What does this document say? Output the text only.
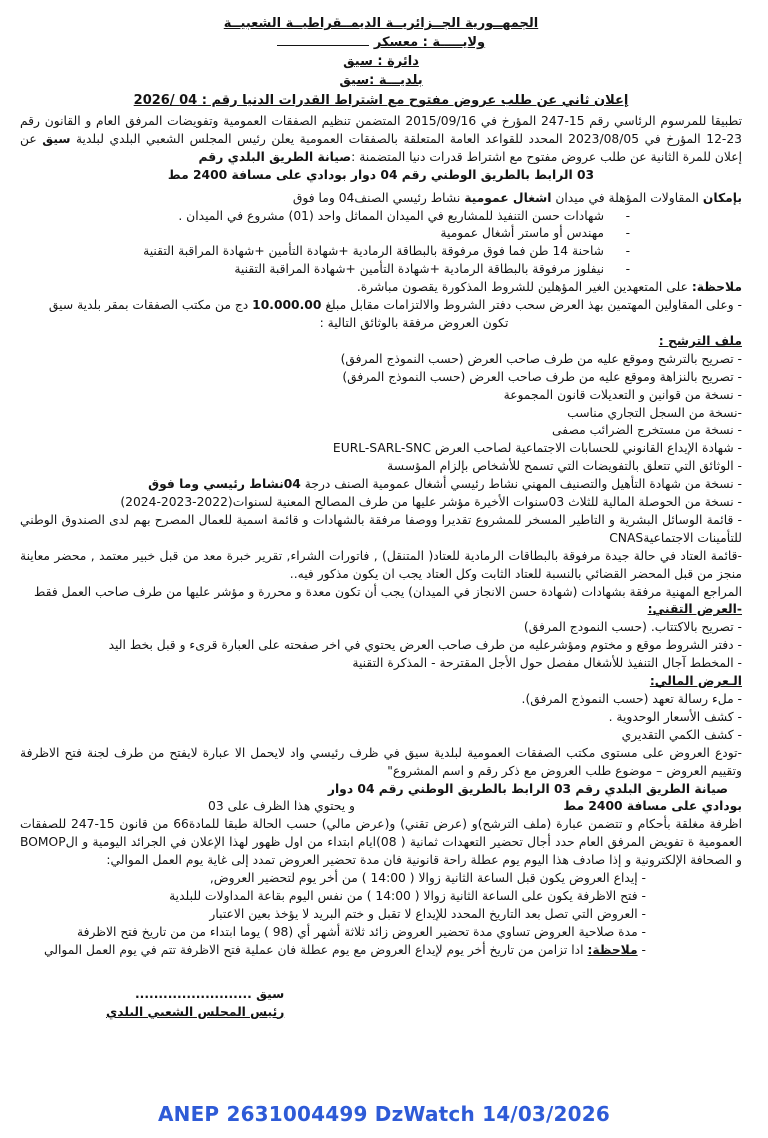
الجمهــورية الجــزائريــة الديمــقراطيــة الشعبيــة
ولايـــــة : معسكر
دائرة : سيق
بلديـــة :سيق
إعلان ثاني عن طلب عروض مفتوح مع اشتراط القدرات الدنيا رقم : 04 /2026

تطبيقا للمرسوم الرئاسي رقم 15-247 المؤرخ في 2015/09/16 المتضمن تنظيم الصفقات العمومية وتفويضات المرفق العام و القانون رقم 23-12 المؤرخ في 2023/08/05 المحدد للقواعد العامة المتعلقة بالصفقات العمومية يعلن رئيس المجلس الشعبي البلدي لبلدية سيق عن إعلان للمرة الثانية عن طلب عروض مفتوح مع اشتراط قدرات دنيا المتضمنة :صيانة الطريق البلدي رقم

03 الرابط بالطريق الوطني رقم 04 دوار بودادي على مسافة 2400 مط
بإمكان المقاولات المؤهلة في ميدان اشغال عمومية نشاط رئيسي الصنف04 وما فوق
-
شهادات حسن التنفيذ للمشاريع في الميدان المماثل واحد (01) مشروع في الميدان .
-
مهندس أو ماستر أشغال عمومية
-
شاحنة 14 طن فما فوق مرفوقة بالبطاقة الرمادية +شهادة التأمين +شهادة المراقبة التقنية
-
نيفلوز مرفوقة بالبطاقة الرمادية +شهادة التأمين +شهادة المراقبة التقنية
ملاحظة: على المتعهدين الغير المؤهلين للشروط المذكورة يقصون مباشرة.
- وعلى المقاولين المهتمين بهذ العرض سحب دفتر الشروط والالتزامات مقابل مبلغ 10.000.00 دج من مكتب الصفقات بمقر بلدية سيق
تكون العروض مرفقة بالوثائق التالية :
ملف الترشح :
- تصريح بالترشح وموقع عليه من طرف صاحب العرض (حسب النموذج المرفق)
- تصريح بالنزاهة وموقع عليه من طرف صاحب العرض (حسب النموذج المرفق)
- نسخة من قوانين و التعديلات قانون المجموعة
-نسخة من السجل التجاري مناسب
- نسخة من مستخرج الضرائب مصفى
- شهادة الإيداع القانوني للحسابات الاجتماعية لصاحب العرض EURL-SARL-SNC
- الوثائق التي تتعلق بالتفويضات التي تسمح للأشخاص بإلزام المؤسسة
- نسخة من شهادة التأهيل والتصنيف المهني نشاط رئيسي أشغال عمومية الصنف درجة 04نشاط رئيسي وما فوق
- نسخة من الحوصلة المالية للثلاث 03سنوات الأخيرة مؤشر عليها من طرف المصالح المعنية لسنوات(2022-2023-2024)
- قائمة الوسائل البشرية و التاطير المسخر للمشروع تقديرا ووصفا مرفقة بالشهادات و قائمة اسمية للعمال المصرح بهم لدى الصندوق الوطني للتأمينات الاجتماعيةCNAS
-قائمة العتاد في حالة جيدة مرفوقة بالبطاقات الرمادية للعتاد( المتنقل) , فاتورات الشراء, تقرير خبرة معد من قبل خبير معتمد , محضر معاينة منجز من قبل المحضر القضائي بالنسبة للعتاد الثابت وكل العتاد يجب ان يكون مذكور فيه..
المراجع المهنية مرفقة بشهادات (شهادة حسن الانجاز في الميدان) يجب أن تكون معدة و محررة و مؤشر عليها من طرف صاحب العمل فقط
-العرض التقني:
- تصريح بالاكتتاب. (حسب النمودج المرفق)
- دفتر الشروط موقع و مختوم ومؤشرعليه من طرف صاحب العرض يحتوي في اخر صفحته على العبارة قرىء و قبل بخط اليد
- المخطط آجال التنفيذ للأشغال مفصل حول الأجل المقترحة - المذكرة التقنية
الـعرض المالي:
- ملء رسالة تعهد (حسب النموذج المرفق).
- كشف الأسعار الوحدوية .
- كشف الكمي التقديري
-تودع العروض على مستوى مكتب الصفقات العمومية لبلدية سيق في ظرف رئيسي واد لايحمل الا عبارة لايفتح من طرف لجنة فتح الاظرفة وتقييم العروض – موضوع طلب العروض مع ذكر رقم و اسم المشروع"
صيانة الطريق البلدي رقم 03 الرابط بالطريق الوطني رقم 04 دوار
بودادي على مسافة 2400 مط
و يحتوي هذا الظرف على 03
اظرفة مغلقة بأحكام و تتضمن عبارة (ملف الترشح)و (عرض تقني) و(عرض مالي) حسب الحالة طبقا للمادة66 من قانون 15-247 للصفقات العمومية ة تفويض المرفق العام حدد أجال تحضير التعهدات ثمانية ( 08)ايام ابتداء من اول ظهور لهذا الإعلان في الجرائد اليومية و الBOMOP و الصحافة الإلكترونية و إذا صادف هذا اليوم يوم عطلة راحة قانونية فان مدة تحضير العروض تمدد إلى غاية يوم العمل الموالي:
- إيداع العروض يكون قبل الساعة الثانية زوالا ( 14:00 ) من أخر يوم لتحضير العروض,
- فتح الاظرفة يكون على الساعة الثانية زوالا ( 14:00 ) من نفس اليوم بقاعة المداولات للبلدية
- العروض التي تصل بعد التاريخ المحدد للإيداع لا تقبل و ختم البريد لا يؤخذ بعين الاعتبار
- مدة صلاحية العروض تساوي مدة تحضير العروض زائد ثلاثة أشهر أي (98 ) يوما ابتداء من من تاريخ فتح الاظرفة
- ملاحظة: ادا تزامن من تاريخ أخر يوم لإيداع العروض مع يوم عطلة فان عملية فتح الاظرفة تتم في يوم العمل الموالي
سيق .........................
رئيس المجلس الشعبي البلدي
ANEP 2631004499 DzWatch 14/03/2026
